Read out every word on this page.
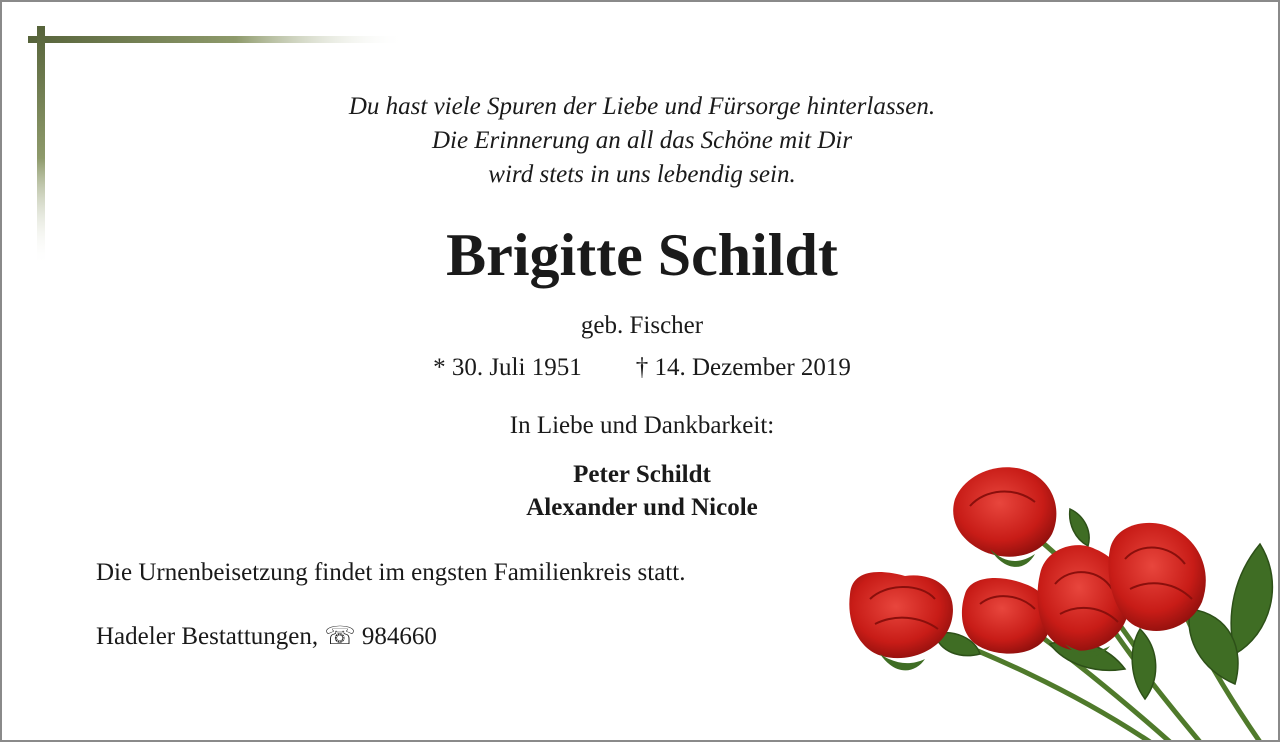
Du hast viele Spuren der Liebe und Fürsorge hinterlassen.
Die Erinnerung an all das Schöne mit Dir
wird stets in uns lebendig sein.
Brigitte Schildt
geb. Fischer
* 30. Juli 1951 † 14. Dezember 2019
In Liebe und Dankbarkeit:
Peter Schildt
Alexander und Nicole
Die Urnenbeisetzung findet im engsten Familienkreis statt.
Hadeler Bestattungen, ☏ 984660
